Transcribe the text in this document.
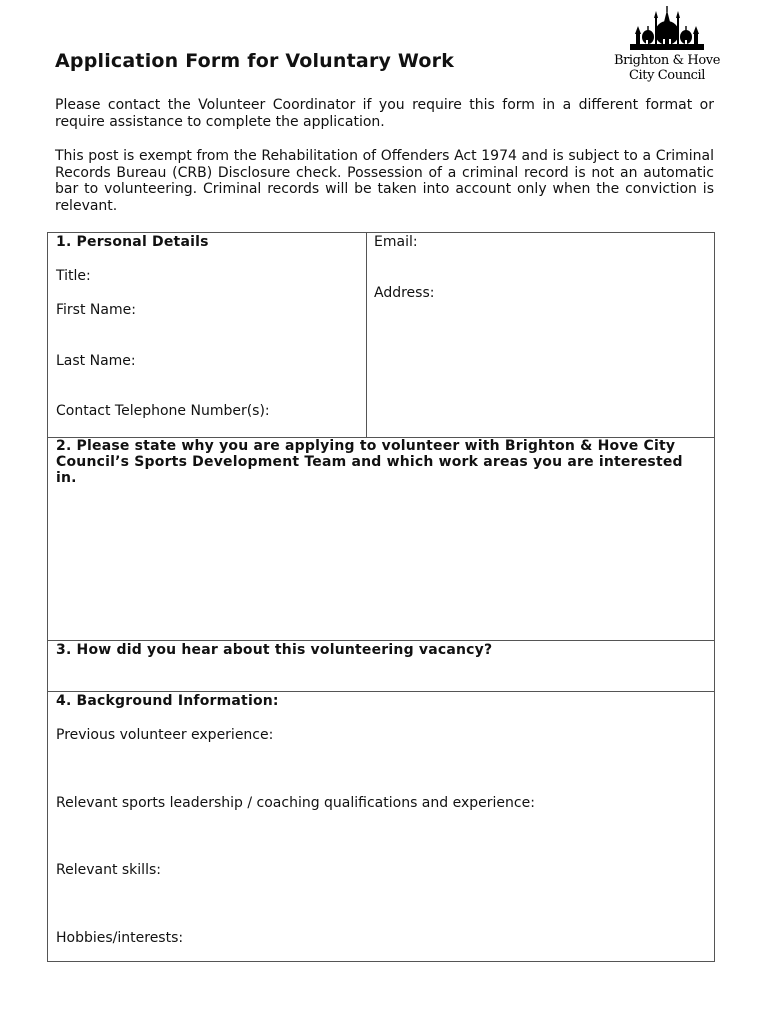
Application Form for Voluntary Work	Brighton & Hove
City Council

Please contact the Volunteer Coordinator if you require this form in a different format or require assistance to complete the application.

This post is exempt from the Rehabilitation of Offenders Act 1974 and is subject to a Criminal Records Bureau (CRB) Disclosure check. Possession of a criminal record is not an automatic bar to volunteering. Criminal records will be taken into account only when the conviction is relevant.

1. Personal Details

Title:

First Name:

Last Name:

Contact Telephone Number(s):

Email:

Address:

2. Please state why you are applying to volunteer with Brighton & Hove City Council’s Sports Development Team and which work areas you are interested in.

3. How did you hear about this volunteering vacancy?

4. Background Information:

Previous volunteer experience:

Relevant sports leadership / coaching qualifications and experience:

Relevant skills:

Hobbies/interests:
